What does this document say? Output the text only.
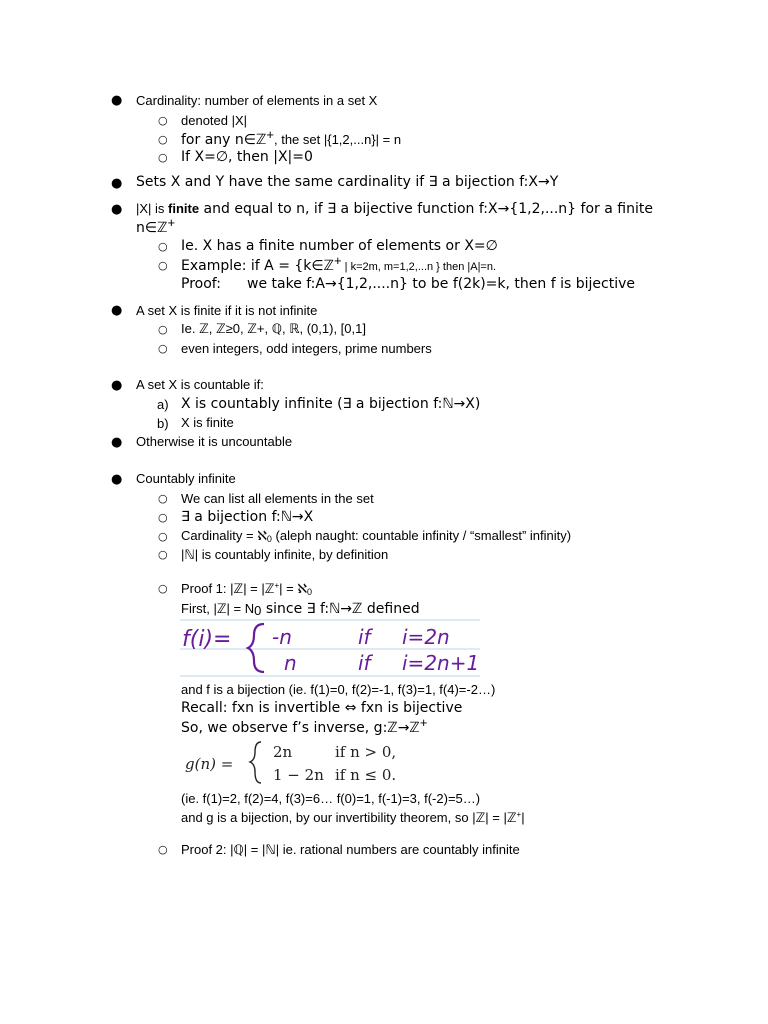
● Cardinality: number of elements in a set X
○ denoted |X|
○ for any n∈ℤ+, the set |{1,2,...n}| = n
○ If X=∅, then |X|=0
● Sets X and Y have the same cardinality if ∃ a bijection f:X→Y
● |X| is finite and equal to n, if ∃ a bijective function f:X→{1,2,...n} for a finite
n∈ℤ+
○ Ie. X has a finite number of elements or X=∅
○ Example: if A = {k∈ℤ+ | k=2m, m=1,2,...n } then |A|=n.
Proof: we take f:A→{1,2,....n} to be f(2k)=k, then f is bijective
● A set X is finite if it is not infinite
○ Ie. ℤ, ℤ≥0, ℤ+, ℚ, ℝ, (0,1), [0,1]
○ even integers, odd integers, prime numbers
● A set X is countable if:
a) X is countably infinite (∃ a bijection f:ℕ→X)
b) X is finite
● Otherwise it is uncountable
● Countably infinite
○ We can list all elements in the set
○ ∃ a bijection f:ℕ→X
○ Cardinality = ℵ$_0$ (aleph naught: countable infinity / “smallest” infinity)
○ |ℕ| is countably infinite, by definition
○ Proof 1: |ℤ| = |ℤ+| = ℵ$_0$
First, |ℤ| = $N_0$ since ∃ f:ℕ→ℤ defined
f(i)= -n	if i=2n
n	if i=2n+1
and f is a bijection (ie. f(1)=0, f(2)=-1, f(3)=1, f(4)=-2…)
Recall: fxn is invertible ⇔ fxn is bijective
So, we observe f’s inverse, g:ℤ→ℤ+
g(n) =
2n	if n > 0,
1 − 2n if n ≤ 0.
(ie. f(1)=2, f(2)=4, f(3)=6… f(0)=1, f(-1)=3, f(-2)=5…)
and g is a bijection, by our invertibility theorem, so |ℤ| = |ℤ+|
○ Proof 2: |ℚ| = |ℕ| ie. rational numbers are countably infinite
